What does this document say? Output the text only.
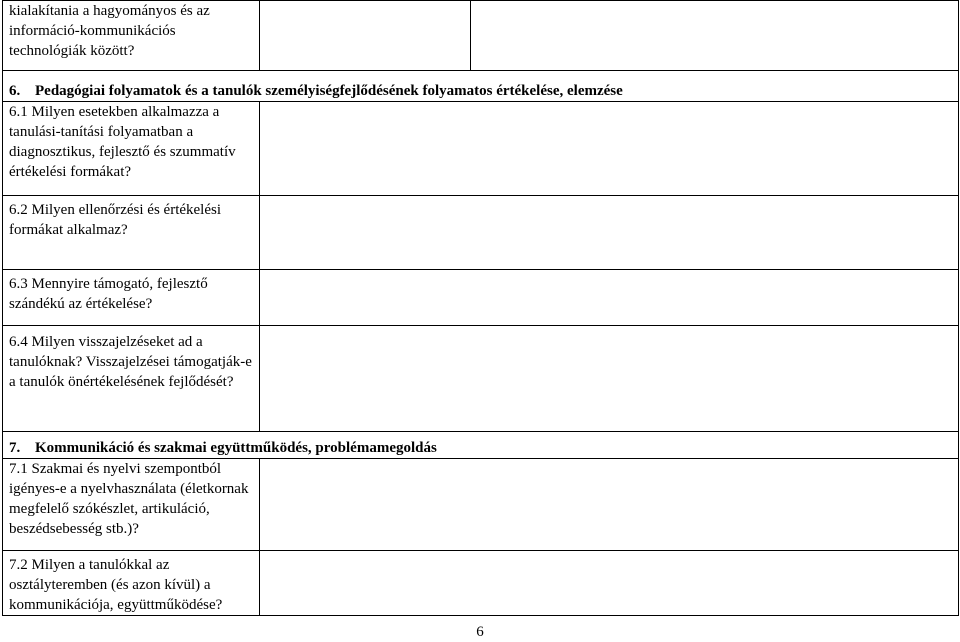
kialakítania a hagyományos és az információ-kommunikációs technológiák között?		

6. Pedagógiai folyamatok és a tanulók személyiségfejlődésének folyamatos értékelése, elemzése		

6.1 Milyen esetekben alkalmazza a tanulási-tanítási folyamatban a diagnosztikus, fejlesztő és szummatív értékelési formákat?		

6.2 Milyen ellenőrzési és értékelési formákat alkalmaz?		

6.3 Mennyire támogató, fejlesztő szándékú az értékelése?		

6.4 Milyen visszajelzéseket ad a tanulóknak? Visszajelzései támogatják-e a tanulók önértékelésének fejlődését?		

7. Kommunikáció és szakmai együttműködés, problémamegoldás		

7.1 Szakmai és nyelvi szempontból igényes-e a nyelvhasználata (életkornak megfelelő szókészlet, artikuláció, beszédsebesség stb.)?		

7.2 Milyen a tanulókkal az osztályteremben (és azon kívül) a kommunikációja, együttműködése?		

6
